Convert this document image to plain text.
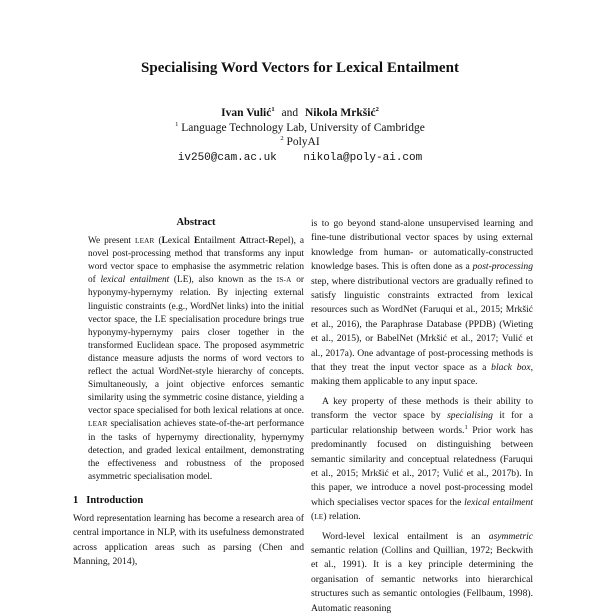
Specialising Word Vectors for Lexical Entailment
Ivan Vulić$^1$ and Nikola Mrkšić$^2$
$^1$ Language Technology Lab, University of Cambridge
$^2$ PolyAI
iv250@cam.ac.uk nikola@poly-ai.com
Abstract

We present LEAR (Lexical Entailment Attract-Repel), a novel post-processing method that transforms any input word vector space to emphasise the asymmetric relation of lexical entailment (LE), also known as the IS-A or hyponymy-hypernymy relation. By injecting external linguistic constraints (e.g., WordNet links) into the initial vector space, the LE specialisation procedure brings true hyponymy-hypernymy pairs closer together in the transformed Euclidean space. The proposed asymmetric distance measure adjusts the norms of word vectors to reflect the actual WordNet-style hierarchy of concepts. Simultaneously, a joint objective enforces semantic similarity using the symmetric cosine distance, yielding a vector space specialised for both lexical relations at once. LEAR specialisation achieves state-of-the-art performance in the tasks of hypernymy directionality, hypernymy detection, and graded lexical entailment, demonstrating the effectiveness and robustness of the proposed asymmetric specialisation model.

1 Introduction

Word representation learning has become a research area of central importance in NLP, with its usefulness demonstrated across application areas such as parsing (Chen and Manning, 2014),

is to go beyond stand-alone unsupervised learning and fine-tune distributional vector spaces by using external knowledge from human- or automatically-constructed knowledge bases. This is often done as a post-processing step, where distributional vectors are gradually refined to satisfy linguistic constraints extracted from lexical resources such as WordNet (Faruqui et al., 2015; Mrkšić et al., 2016), the Paraphrase Database (PPDB) (Wieting et al., 2015), or BabelNet (Mrkšić et al., 2017; Vulić et al., 2017a). One advantage of post-processing methods is that they treat the input vector space as a black box, making them applicable to any input space.

A key property of these methods is their ability to transform the vector space by specialising it for a particular relationship between words.$^1$ Prior work has predominantly focused on distinguishing between semantic similarity and conceptual relatedness (Faruqui et al., 2015; Mrkšić et al., 2017; Vulić et al., 2017b). In this paper, we introduce a novel post-processing model which specialises vector spaces for the lexical entailment (LE) relation.

Word-level lexical entailment is an asymmetric semantic relation (Collins and Quillian, 1972; Beckwith et al., 1991). It is a key principle determining the organisation of semantic networks into hierarchical structures such as semantic ontologies (Fellbaum, 1998). Automatic reasoning
